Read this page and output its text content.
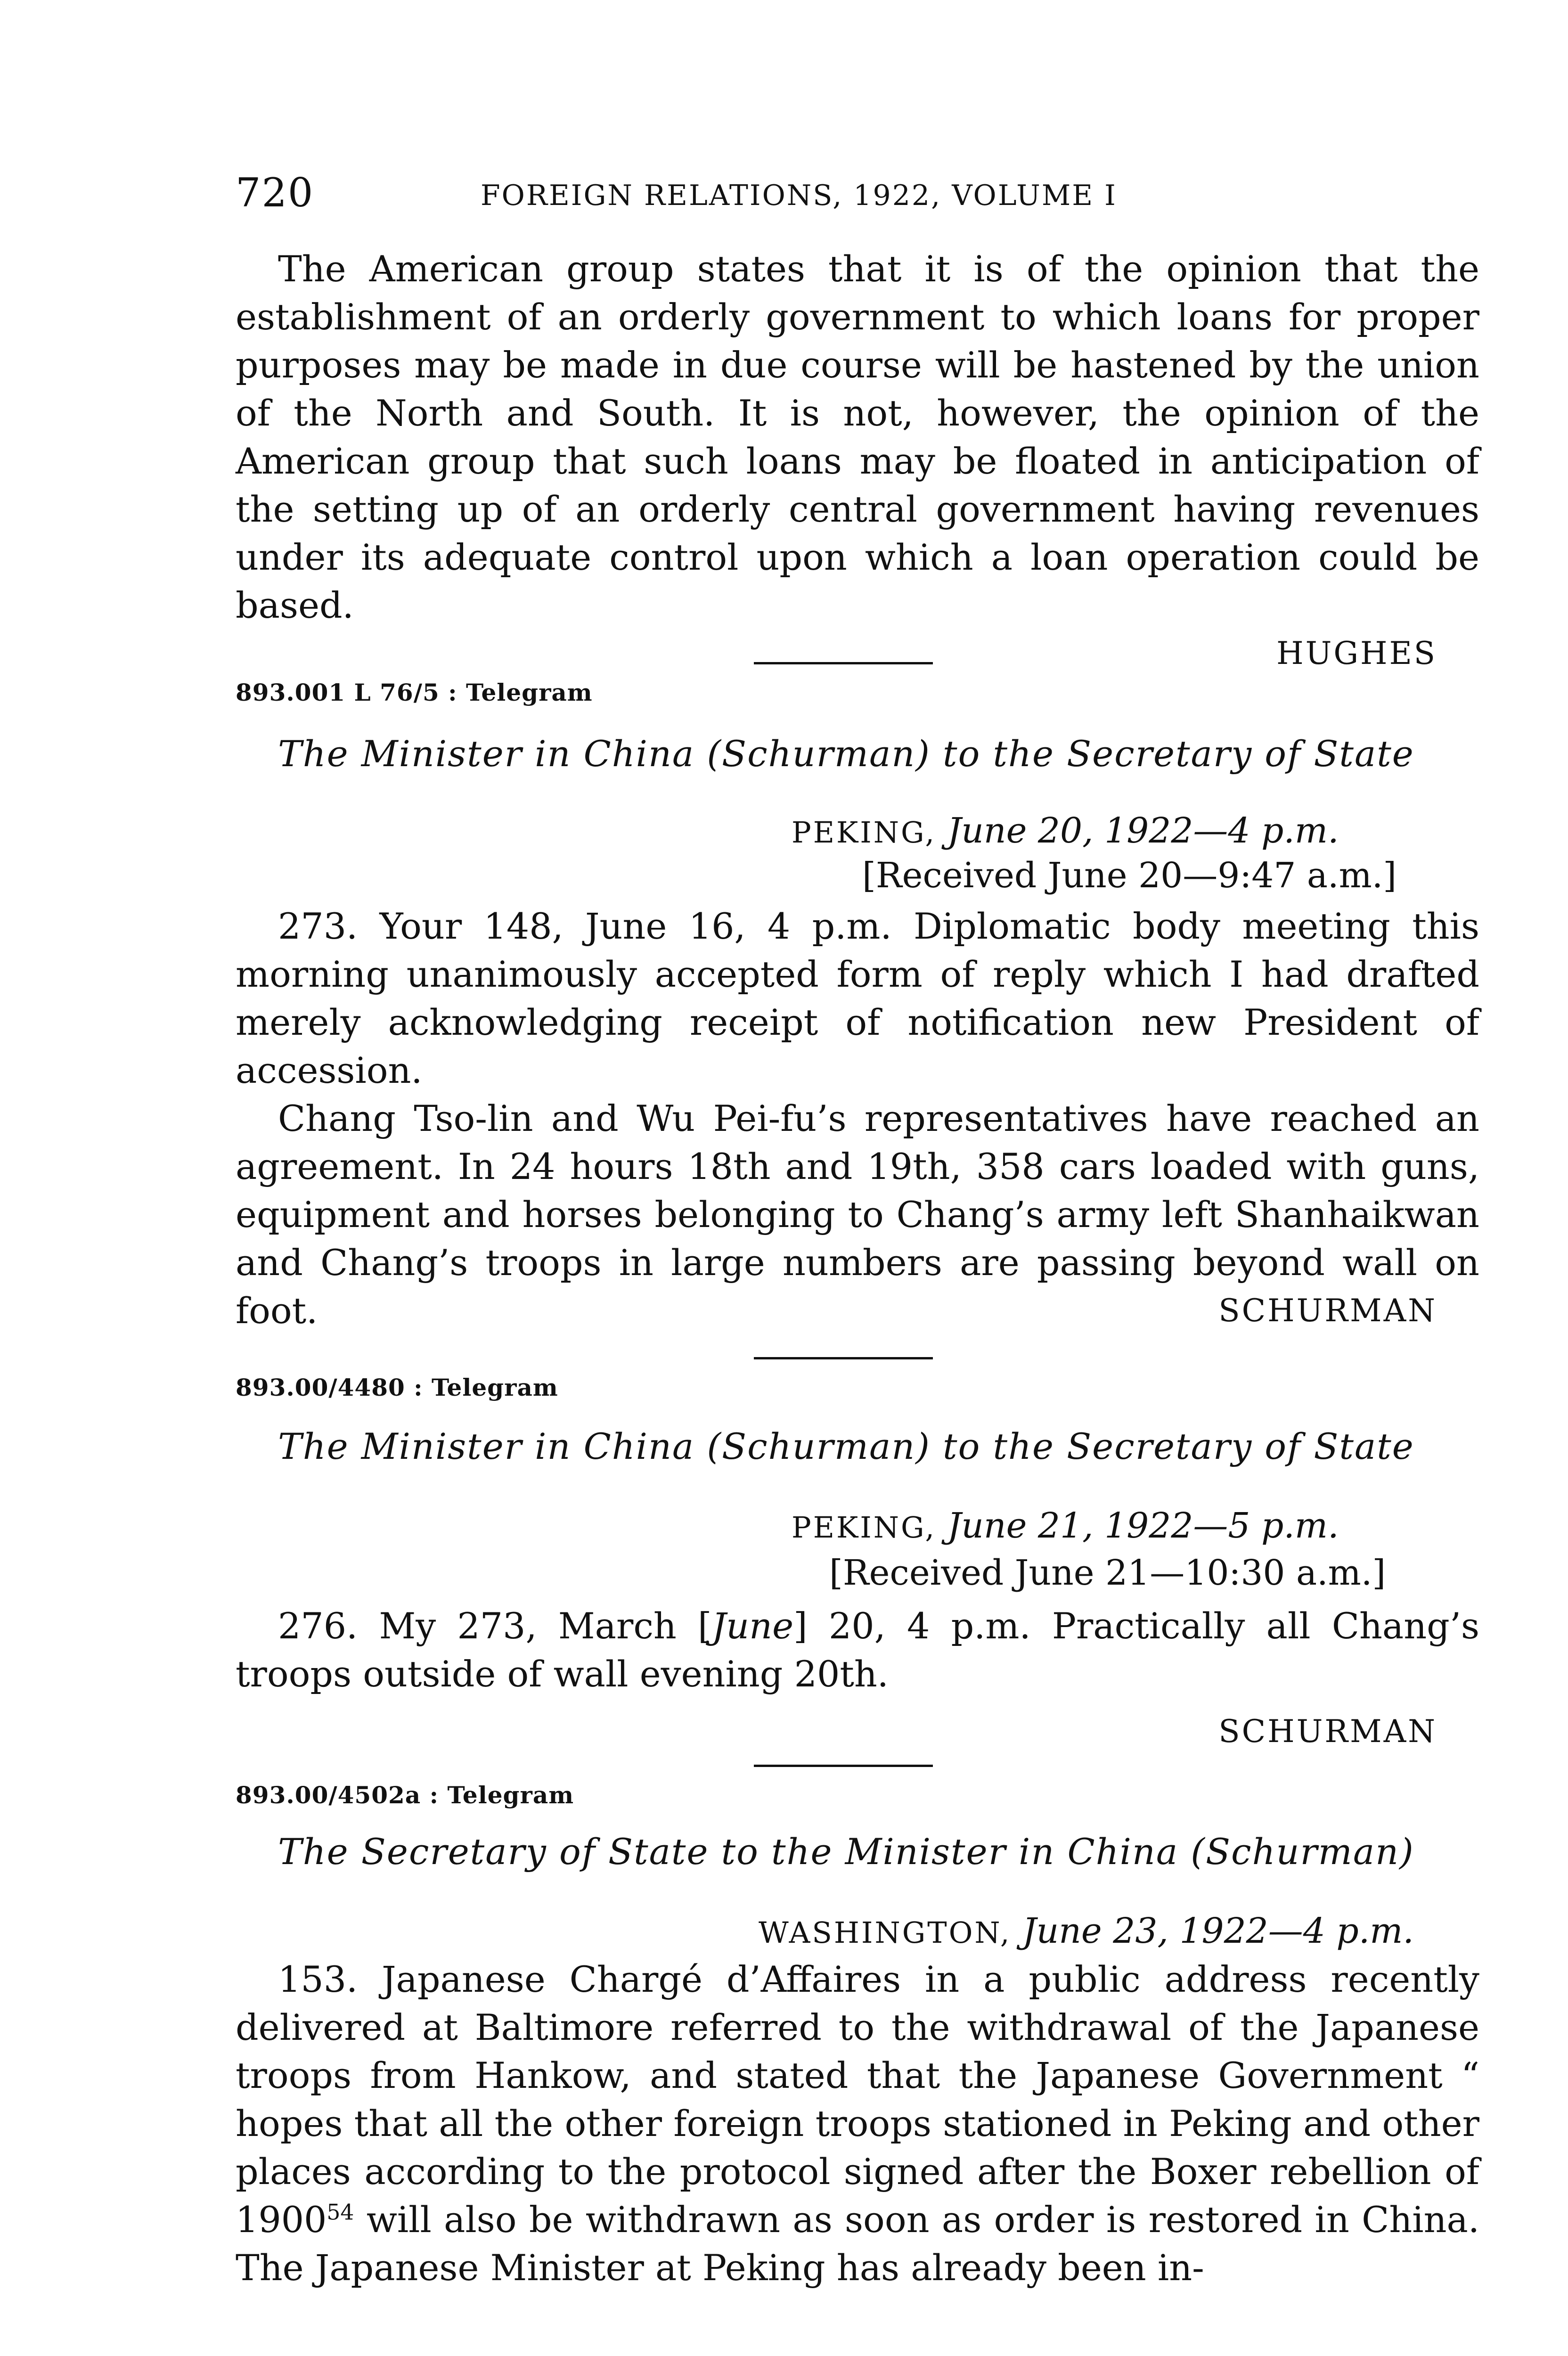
720	FOREIGN RELATIONS, 1922, VOLUME I

The American group states that it is of the opinion that the establishment of an orderly government to which loans for proper purposes may be made in due course will be hastened by the union of the North and South. It is not, however, the opinion of the American group that such loans may be floated in anticipation of the setting up of an orderly central government having revenues under its adequate control upon which a loan operation could be based.

HUGHES

893.001 L 76/5 : Telegram
The Minister in China (Schurman) to the Secretary of State
PEKING, June 20, 1922—4 p.m.
[Received June 20—9:47 a.m.]

273. Your 148, June 16, 4 p.m. Diplomatic body meeting this morning unanimously accepted form of reply which I had drafted merely acknowledging receipt of notification new President of accession.

Chang Tso-lin and Wu Pei-fu’s representatives have reached an agreement. In 24 hours 18th and 19th, 358 cars loaded with guns, equipment and horses belonging to Chang’s army left Shanhaikwan and Chang’s troops in large numbers are passing beyond wall on foot.	SCHURMAN

893.00/4480 : Telegram
The Minister in China (Schurman) to the Secretary of State
PEKING, June 21, 1922—5 p.m.
[Received June 21—10:30 a.m.]

276. My 273, March [June] 20, 4 p.m. Practically all Chang’s troops outside of wall evening 20th.

SCHURMAN

893.00/4502a : Telegram
The Secretary of State to the Minister in China (Schurman)
WASHINGTON, June 23, 1922—4 p.m.

153. Japanese Chargé d’Affaires in a public address recently delivered at Baltimore referred to the withdrawal of the Japanese troops from Hankow, and stated that the Japanese Government “ hopes that all the other foreign troops stationed in Peking and other places according to the protocol signed after the Boxer rebellion of 1900$^{54}$ will also be withdrawn as soon as order is restored in China. The Japanese Minister at Peking has already been in-
